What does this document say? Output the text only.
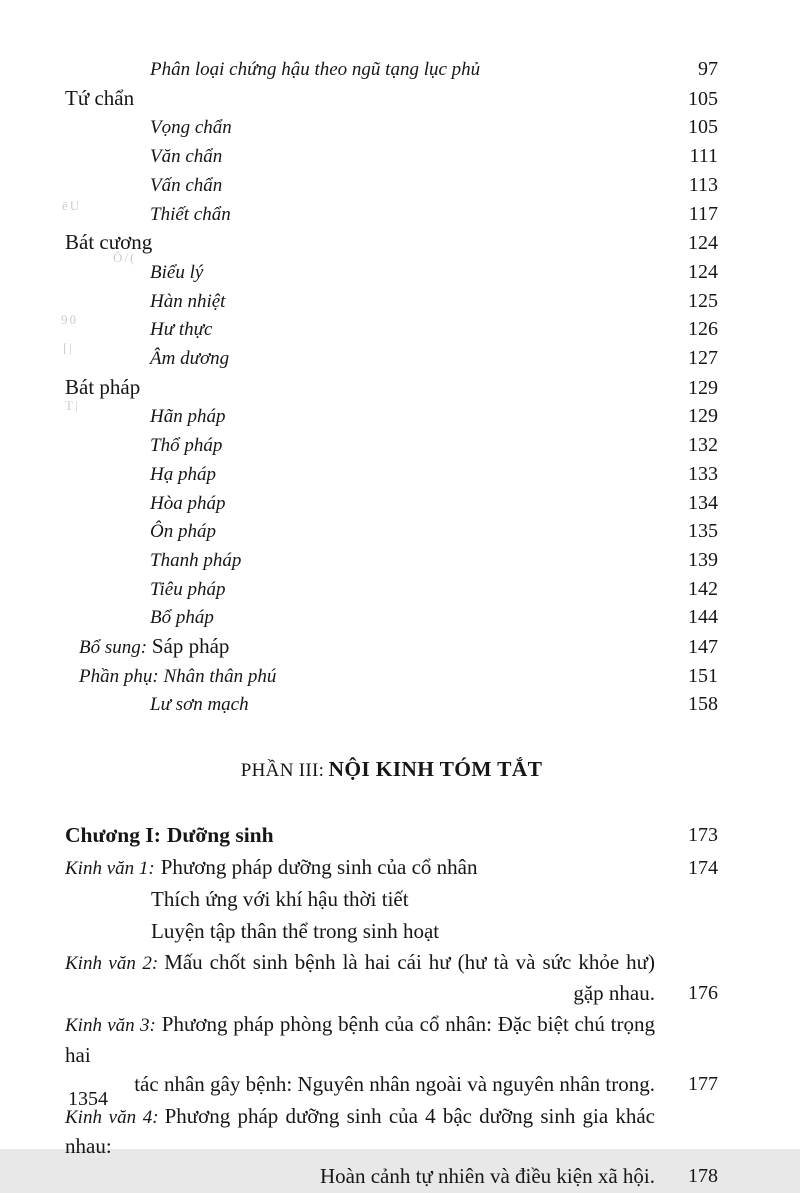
Phân loại chứng hậu theo ngũ tạng lục phủ	97
Tứ chẩn	105
Vọng chẩn	105
Văn chẩn	111
Vấn chẩn	113
Thiết chẩn	117
Bát cương	124
Biểu lý	124
Hàn nhiệt	125
Hư thực	126
Âm dương	127
Bát pháp	129
Hãn pháp	129
Thổ pháp	132
Hạ pháp	133
Hòa pháp	134
Ôn pháp	135
Thanh pháp	139
Tiêu pháp	142
Bổ pháp	144
Bổ sung: Sáp pháp	147
Phần phụ: Nhân thân phú	151
Lư sơn mạch	158
PHẦN III: NỘI KINH TÓM TẮT
Chương I: Dưỡng sinh	173
Kinh văn 1: Phương pháp dưỡng sinh của cổ nhân	174
Thích ứng với khí hậu thời tiết
Luyện tập thân thể trong sinh hoạt
Kinh văn 2: Mấu chốt sinh bệnh là hai cái hư (hư tà và sức khỏe hư)
gặp nhau.	176
Kinh văn 3: Phương pháp phòng bệnh của cổ nhân: Đặc biệt chú trọng hai
tác nhân gây bệnh: Nguyên nhân ngoài và nguyên nhân trong.	177
Kinh văn 4: Phương pháp dưỡng sinh của 4 bậc dưỡng sinh gia khác nhau:
Hoàn cảnh tự nhiên và điều kiện xã hội.	178
1354
ēU
Ô/(
90
[|
T|
